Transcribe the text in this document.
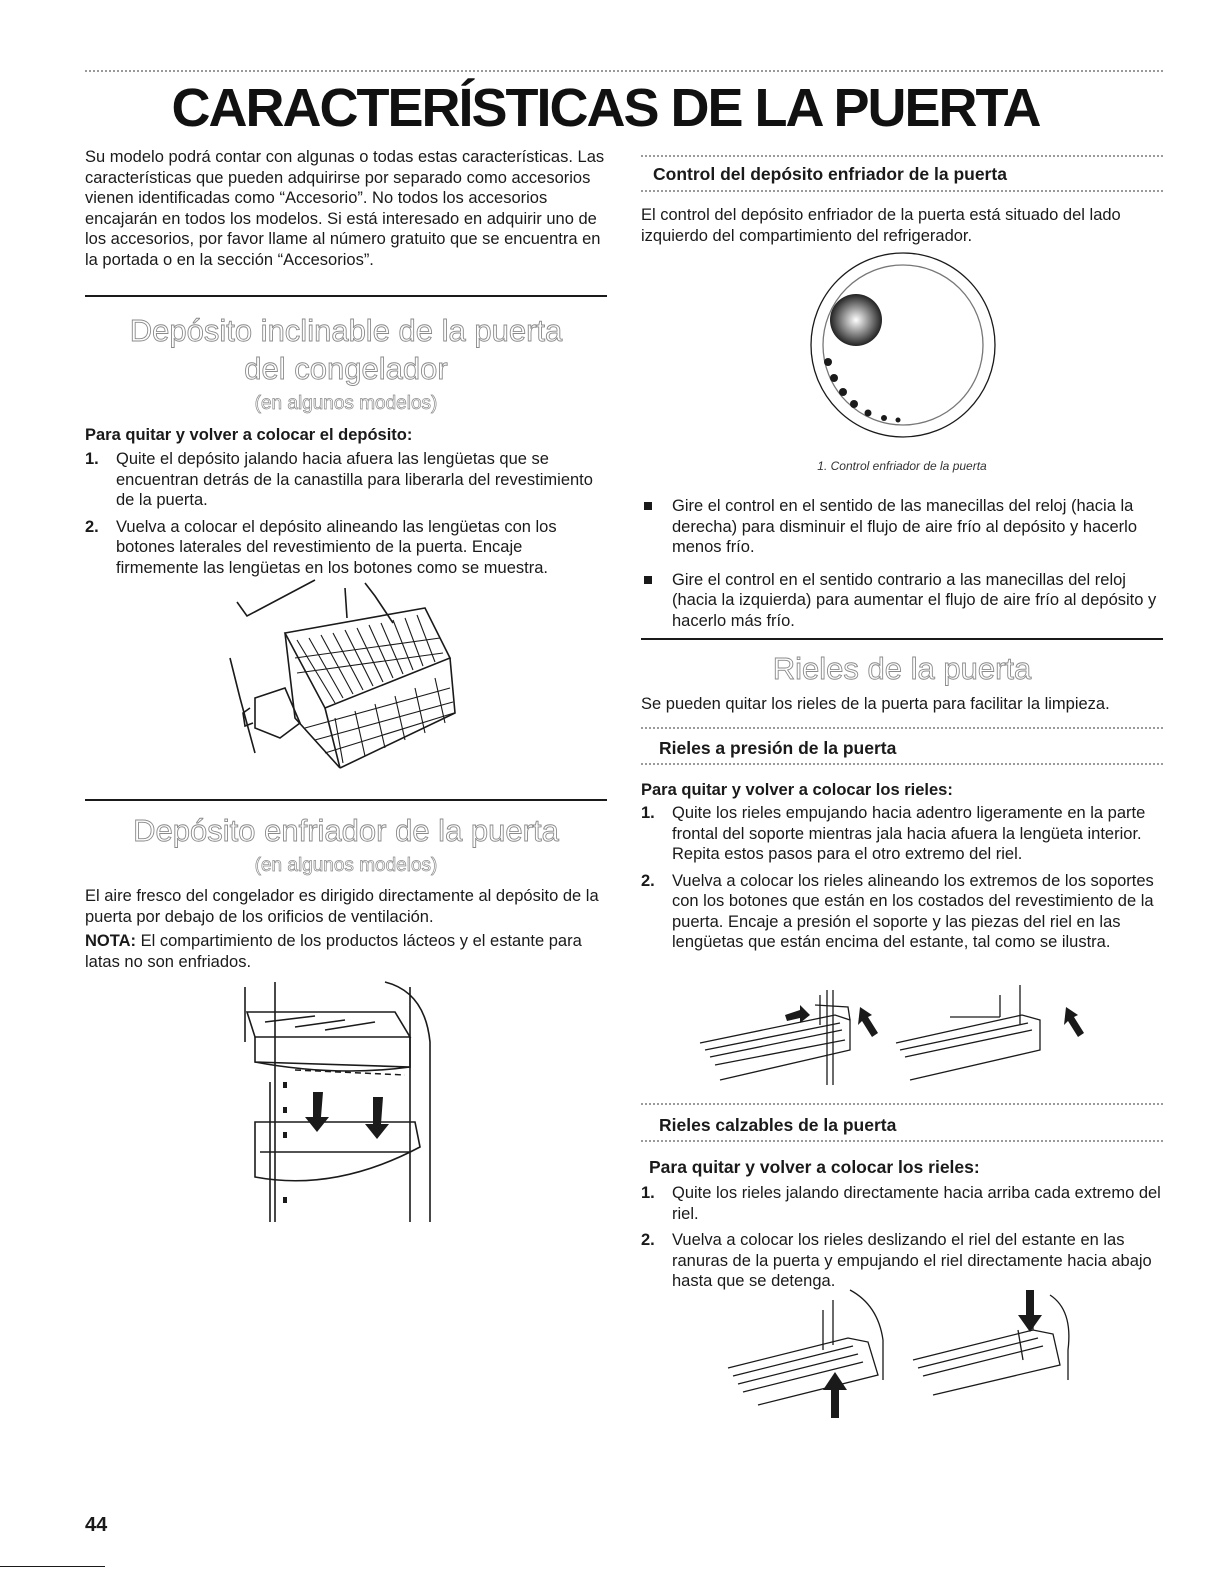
CARACTERÍSTICAS DE LA PUERTA

Su modelo podrá contar con algunas o todas estas características. Las características que pueden adquirirse por separado como accesorios vienen identificadas como “Accesorio”. No todos los accesorios encajarán en todos los modelos. Si está interesado en adquirir uno de los accesorios, por favor llame al número gratuito que se encuentra en la portada o en la sección “Accesorios”.

Depósito inclinable de la puerta del congelador

(en algunos modelos)

Para quitar y volver a colocar el depósito:

1. Quite el depósito jalando hacia afuera las lengüetas que se encuentran detrás de la canastilla para liberarla del revestimiento de la puerta.
2. Vuelva a colocar el depósito alineando las lengüetas con los botones laterales del revestimiento de la puerta. Encaje firmemente las lengüetas en los botones como se muestra.

Depósito enfriador de la puerta

(en algunos modelos)

El aire fresco del congelador es dirigido directamente al depósito de la puerta por debajo de los orificios de ventilación.

NOTA: El compartimiento de los productos lácteos y el estante para latas no son enfriados.

Control del depósito enfriador de la puerta

El control del depósito enfriador de la puerta está situado del lado izquierdo del compartimiento del refrigerador.

1. Control enfriador de la puerta
Gire el control en el sentido de las manecillas del reloj (hacia la derecha) para disminuir el flujo de aire frío al depósito y hacerlo menos frío.
Gire el control en el sentido contrario a las manecillas del reloj (hacia la izquierda) para aumentar el flujo de aire frío al depósito y hacerlo más frío.

Rieles de la puerta

Se pueden quitar los rieles de la puerta para facilitar la limpieza.

Rieles a presión de la puerta

Para quitar y volver a colocar los rieles:

1. Quite los rieles empujando hacia adentro ligeramente en la parte frontal del soporte mientras jala hacia afuera la lengüeta interior. Repita estos pasos para el otro extremo del riel.
2. Vuelva a colocar los rieles alineando los extremos de los soportes con los botones que están en los costados del revestimiento de la puerta. Encaje a presión el soporte y las piezas del riel en las lengüetas que están encima del estante, tal como se ilustra.

Rieles calzables de la puerta

Para quitar y volver a colocar los rieles:

1. Quite los rieles jalando directamente hacia arriba cada extremo del riel.
2. Vuelva a colocar los rieles deslizando el riel del estante en las ranuras de la puerta y empujando el riel directamente hacia abajo hasta que se detenga.
44
